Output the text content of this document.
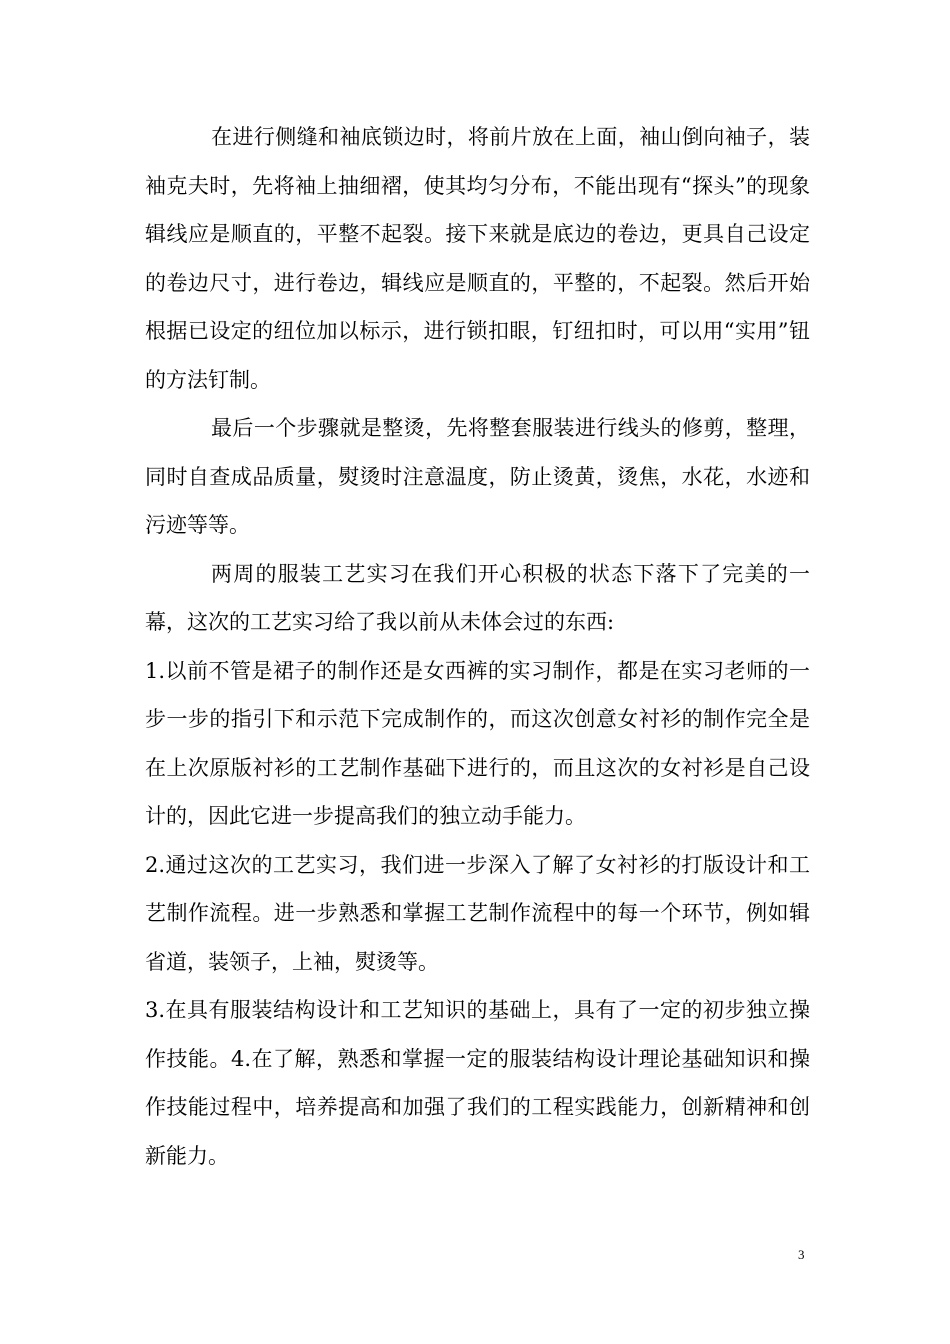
在进行侧缝和袖底锁边时，将前片放在上面，袖山倒向袖子，装袖克夫时，先将袖上抽细褶，使其均匀分布，不能出现有“探头”的现象辑线应是顺直的，平整不起裂。接下来就是底边的卷边，更具自己设定的卷边尺寸，进行卷边，辑线应是顺直的，平整的，不起裂。然后开始根据已设定的纽位加以标示，进行锁扣眼，钉纽扣时，可以用“实用”钮的方法钉制。

最后一个步骤就是整烫，先将整套服装进行线头的修剪，整理，同时自查成品质量，熨烫时注意温度，防止烫黄，烫焦，水花，水迹和污迹等等。

两周的服装工艺实习在我们开心积极的状态下落下了完美的一幕，这次的工艺实习给了我以前从未体会过的东西:

1.以前不管是裙子的制作还是女西裤的实习制作，都是在实习老师的一步一步的指引下和示范下完成制作的，而这次创意女衬衫的制作完全是在上次原版衬衫的工艺制作基础下进行的，而且这次的女衬衫是自己设计的，因此它进一步提高我们的独立动手能力。

2.通过这次的工艺实习，我们进一步深入了解了女衬衫的打版设计和工艺制作流程。进一步熟悉和掌握工艺制作流程中的每一个环节，例如辑省道，装领子，上袖，熨烫等。

3.在具有服装结构设计和工艺知识的基础上，具有了一定的初步独立操作技能。4.在了解，熟悉和掌握一定的服装结构设计理论基础知识和操作技能过程中，培养提高和加强了我们的工程实践能力，创新精神和创新能力。

3
